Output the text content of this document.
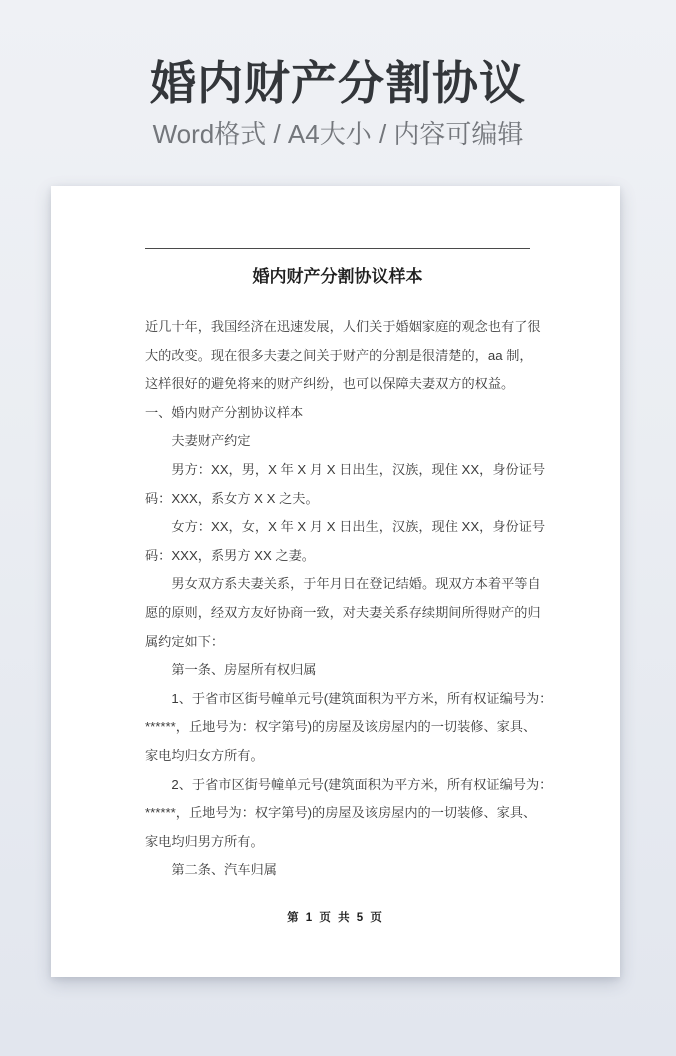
婚内财产分割协议
Word格式 / A4大小 / 内容可编辑
婚内财产分割协议样本
近几十年，我国经济在迅速发展，人们关于婚姻家庭的观念也有了很
大的改变。现在很多夫妻之间关于财产的分割是很清楚的，aa 制，
这样很好的避免将来的财产纠纷，也可以保障夫妻双方的权益。
一、婚内财产分割协议样本
夫妻财产约定
男方：XX，男，X 年 X 月 X 日出生，汉族，现住 XX，身份证号
码：XXX，系女方 X X 之夫。
女方：XX，女，X 年 X 月 X 日出生，汉族，现住 XX，身份证号
码：XXX，系男方 XX 之妻。
男女双方系夫妻关系，于年月日在登记结婚。现双方本着平等自
愿的原则，经双方友好协商一致，对夫妻关系存续期间所得财产的归
属约定如下：
第一条、房屋所有权归属
1、于省市区街号幢单元号(建筑面积为平方米，所有权证编号为：
******，丘地号为：权字第号)的房屋及该房屋内的一切装修、家具、
家电均归女方所有。
2、于省市区街号幢单元号(建筑面积为平方米，所有权证编号为：
******，丘地号为：权字第号)的房屋及该房屋内的一切装修、家具、
家电均归男方所有。
第二条、汽车归属
第 1 页 共 5 页
